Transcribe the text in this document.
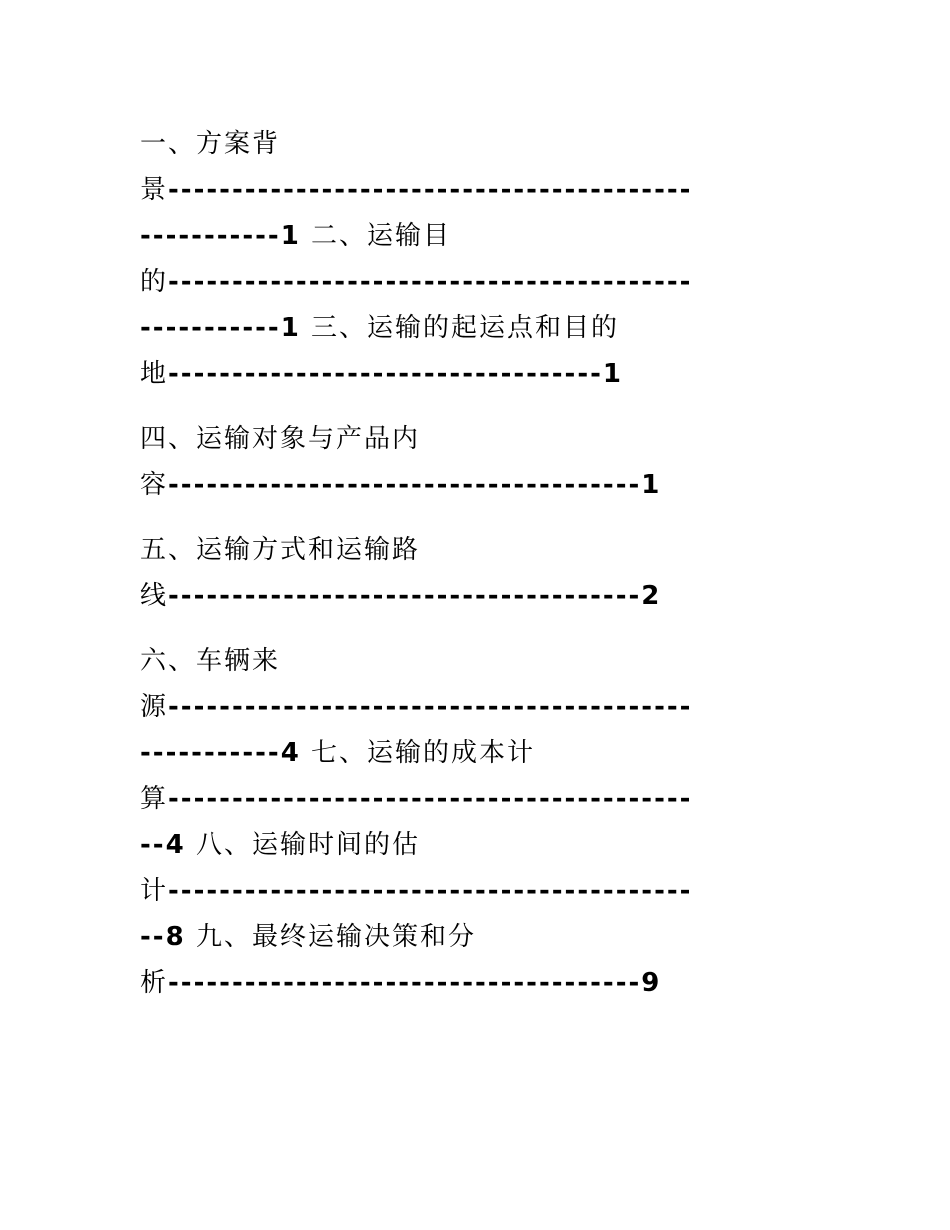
一、方案背
景-----------------------------------------
-----------1 二、运输目
的-----------------------------------------
-----------1 三、运输的起运点和目的
地----------------------------------1
四、运输对象与产品内
容-------------------------------------1
五、运输方式和运输路
线-------------------------------------2
六、车辆来
源-----------------------------------------
-----------4 七、运输的成本计
算-----------------------------------------
--4 八、运输时间的估
计-----------------------------------------
--8 九、最终运输决策和分
析-------------------------------------9
